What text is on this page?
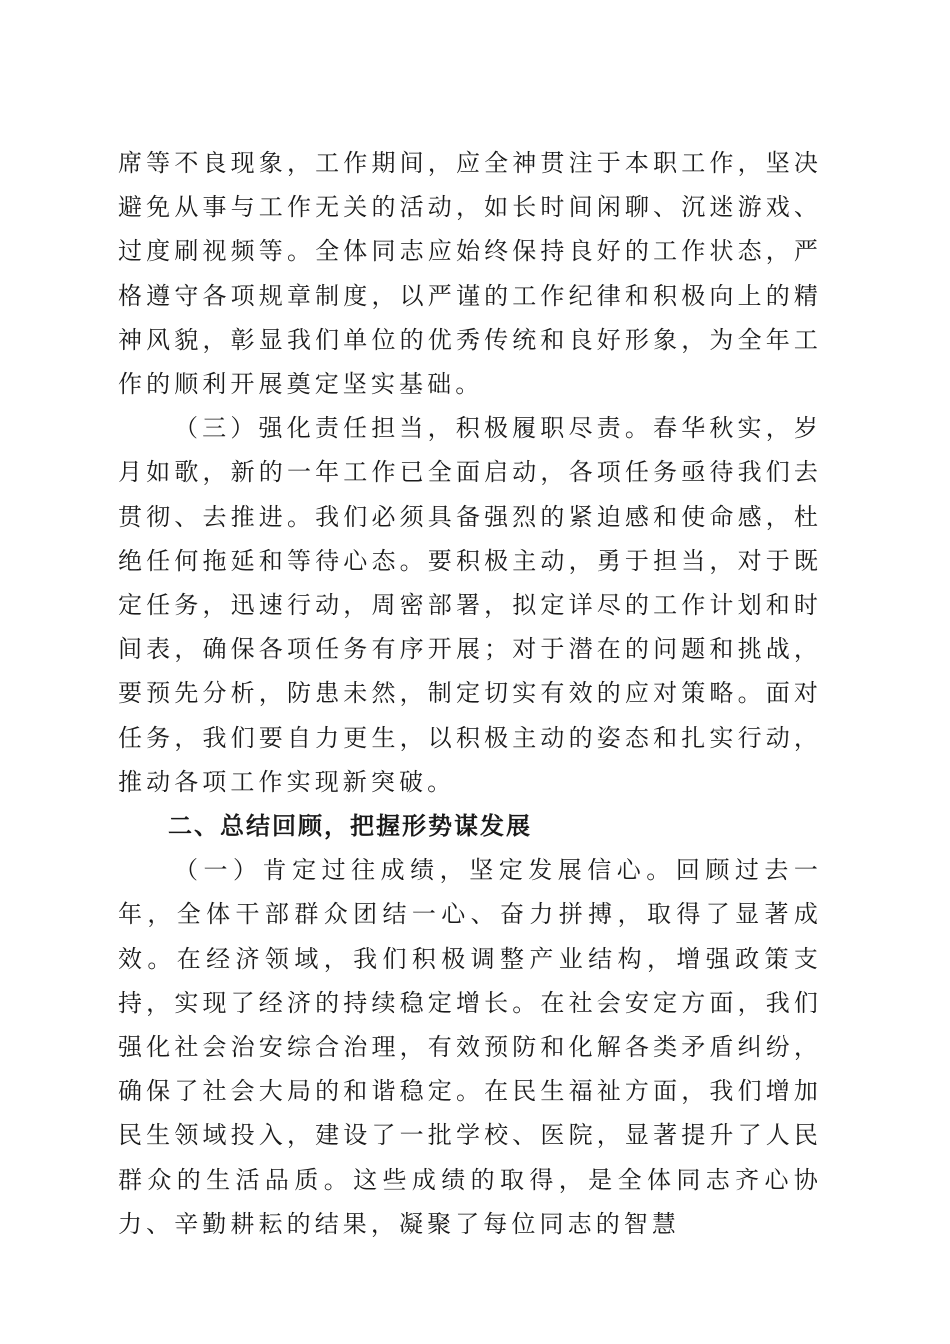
席等不良现象，工作期间，应全神贯注于本职工作，坚决避免从事与工作无关的活动，如长时间闲聊、沉迷游戏、过度刷视频等。全体同志应始终保持良好的工作状态，严格遵守各项规章制度，以严谨的工作纪律和积极向上的精神风貌，彰显我们单位的优秀传统和良好形象，为全年工作的顺利开展奠定坚实基础。

（三）强化责任担当，积极履职尽责。春华秋实，岁月如歌，新的一年工作已全面启动，各项任务亟待我们去贯彻、去推进。我们必须具备强烈的紧迫感和使命感，杜绝任何拖延和等待心态。要积极主动，勇于担当，对于既定任务，迅速行动，周密部署，拟定详尽的工作计划和时间表，确保各项任务有序开展；对于潜在的问题和挑战，要预先分析，防患未然，制定切实有效的应对策略。面对任务，我们要自力更生，以积极主动的姿态和扎实行动，推动各项工作实现新突破。

二、总结回顾，把握形势谋发展

（一）肯定过往成绩，坚定发展信心。回顾过去一年，全体干部群众团结一心、奋力拼搏，取得了显著成效。在经济领域，我们积极调整产业结构，增强政策支持，实现了经济的持续稳定增长。在社会安定方面，我们强化社会治安综合治理，有效预防和化解各类矛盾纠纷，确保了社会大局的和谐稳定。在民生福祉方面，我们增加民生领域投入，建设了一批学校、医院，显著提升了人民群众的生活品质。这些成绩的取得，是全体同志齐心协力、辛勤耕耘的结果，凝聚了每位同志的智慧
